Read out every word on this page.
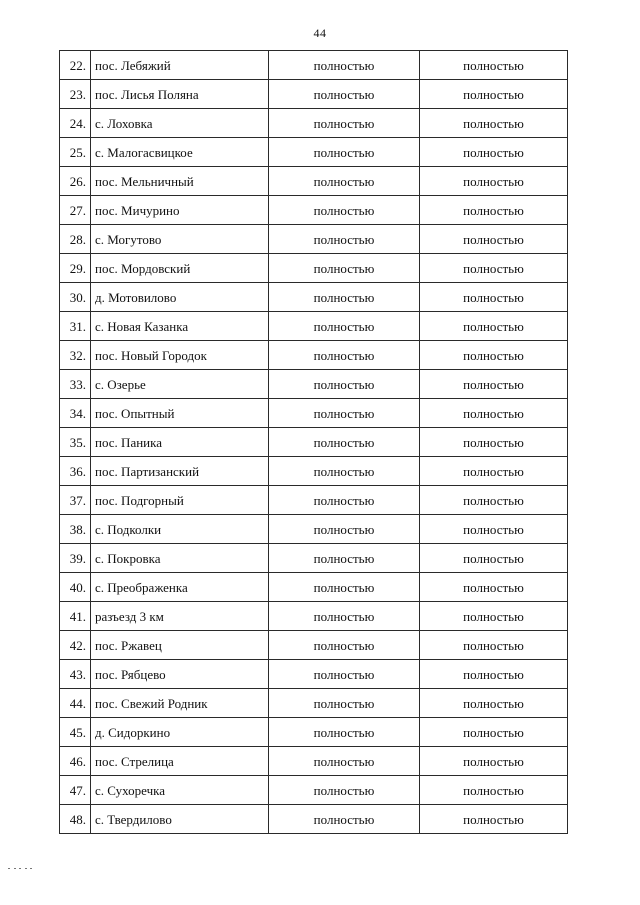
44
22.	пос. Лебяжий	полностью	полностью
23.	пос. Лисья Поляна	полностью	полностью
24.	с. Лоховка	полностью	полностью
25.	с. Малогасвицкое	полностью	полностью
26.	пос. Мельничный	полностью	полностью
27.	пос. Мичурино	полностью	полностью
28.	с. Могутово	полностью	полностью
29.	пос. Мордовский	полностью	полностью
30.	д. Мотовилово	полностью	полностью
31.	с. Новая Казанка	полностью	полностью
32.	пос. Новый Городок	полностью	полностью
33.	с. Озерье	полностью	полностью
34.	пос. Опытный	полностью	полностью
35.	пос. Паника	полностью	полностью
36.	пос. Партизанский	полностью	полностью
37.	пос. Подгорный	полностью	полностью
38.	с. Подколки	полностью	полностью
39.	с. Покровка	полностью	полностью
40.	с. Преображенка	полностью	полностью
41.	разъезд 3 км	полностью	полностью
42.	пос. Ржавец	полностью	полностью
43.	пос. Рябцево	полностью	полностью
44.	пос. Свежий Родник	полностью	полностью
45.	д. Сидоркино	полностью	полностью
46.	пос. Стрелица	полностью	полностью
47.	с. Сухоречка	полностью	полностью
48.	с. Твердилово	полностью	полностью
